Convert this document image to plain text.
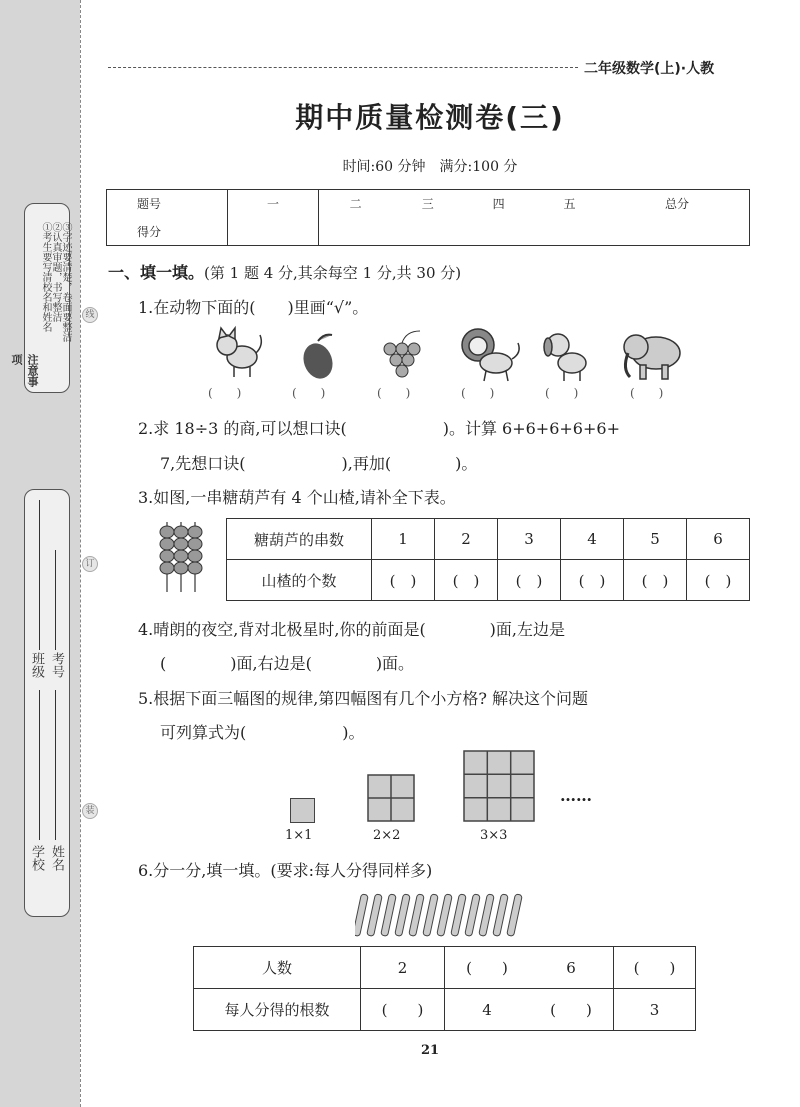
线
订
装
注意事项
①考生要写清校名和姓名 ②认真审题，书写整洁 ③字迹要清楚，卷面要整洁
班级 考号
学校 姓名
二年级数学(上)·人教
期中质量检测卷(三)
时间:60 分钟　满分:100 分
题号	一	二	三	四	五	总分
得分						
一、填一填。(第 1 题 4 分,其余每空 1 分,共 30 分)
1.在动物下面的(　　)里画“√”。
(　　)	(　　)	(　　)	(　　)	(　　)	(　　)
2.求 18÷3 的商,可以想口诀(　　　　　　)。计算 6+6+6+6+6+
7,先想口诀(　　　　　　),再加(　　　　)。
3.如图,一串糖葫芦有 4 个山楂,请补全下表。
糖葫芦的串数	1	2	3	4	5	6
山楂的个数	(　)	(　)	(　)	(　)	(　)	(　)
4.晴朗的夜空,背对北极星时,你的前面是(　　　　)面,左边是
(　　　　)面,右边是(　　　　)面。
5.根据下面三幅图的规律,第四幅图有几个小方格? 解决这个问题
可列算式为(　　　　　　)。
……
1×1	2×2	3×3
6.分一分,填一填。(要求:每人分得同样多)
人数	2	(　　)	6	(　　)
每人分得的根数	(　　)	4	(　　)	3
21
